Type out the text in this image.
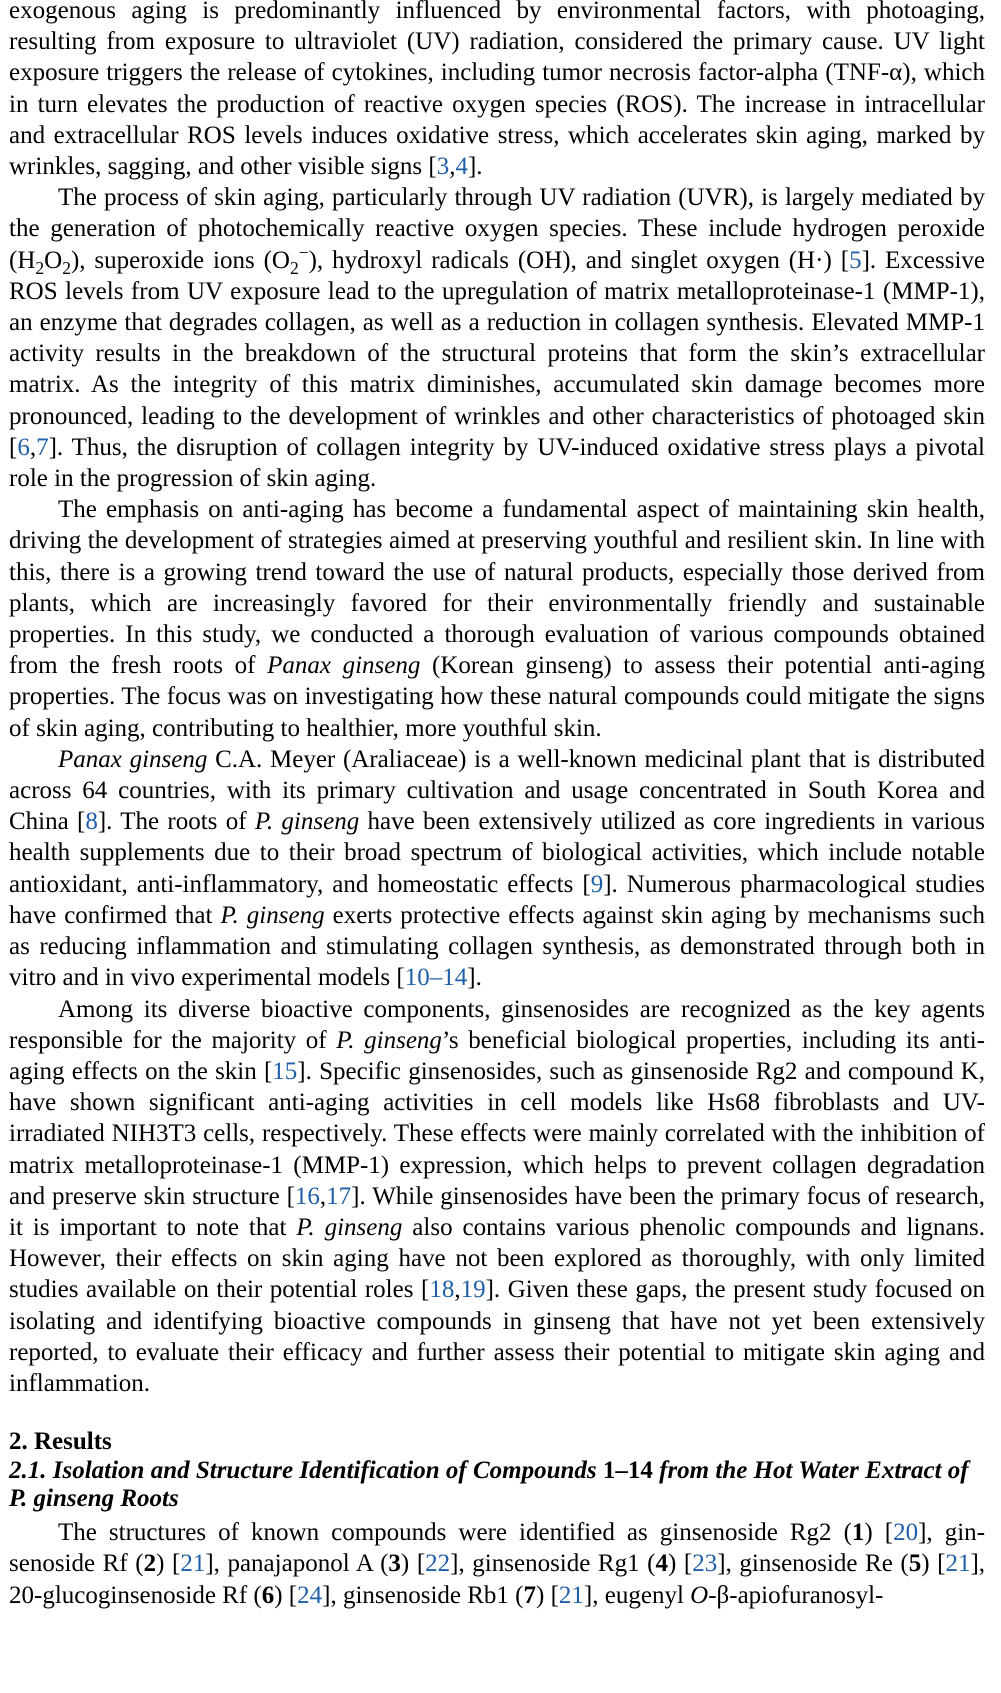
exogenous aging is predominantly influenced by environmental factors, with photoaging, resulting from exposure to ultraviolet (UV) radiation, considered the primary cause. UV light exposure triggers the release of cytokines, including tumor necrosis factor-alpha (TNF-α), which in turn elevates the production of reactive oxygen species (ROS). The increase in intracellular and extracellular ROS levels induces oxidative stress, which accelerates skin aging, marked by wrinkles, sagging, and other visible signs [3,4].

The process of skin aging, particularly through UV radiation (UVR), is largely mediated by the generation of photochemically reactive oxygen species. These include hydrogen peroxide $(H_2O_2)$, superoxide ions $(O_2^-)$, hydroxyl radicals (OH), and singlet oxygen (H·) [5]. Excessive ROS levels from UV exposure lead to the upregulation of matrix metalloproteinase-1 (MMP-1), an enzyme that degrades collagen, as well as a reduction in collagen synthesis. Elevated MMP-1 activity results in the breakdown of the structural proteins that form the skin’s extracellular matrix. As the integrity of this matrix diminishes, accumulated skin damage becomes more pronounced, leading to the development of wrinkles and other characteristics of photoaged skin [6,7]. Thus, the disruption of collagen integrity by UV-induced oxidative stress plays a pivotal role in the progression of skin aging.

The emphasis on anti-aging has become a fundamental aspect of maintaining skin health, driving the development of strategies aimed at preserving youthful and resilient skin. In line with this, there is a growing trend toward the use of natural products, especially those derived from plants, which are increasingly favored for their environmentally friendly and sustainable properties. In this study, we conducted a thorough evaluation of various compounds obtained from the fresh roots of Panax ginseng (Korean ginseng) to assess their potential anti-aging properties. The focus was on investigating how these natural compounds could mitigate the signs of skin aging, contributing to healthier, more youthful skin.

Panax ginseng C.A. Meyer (Araliaceae) is a well-known medicinal plant that is distributed across 64 countries, with its primary cultivation and usage concentrated in South Korea and China [8]. The roots of P. ginseng have been extensively utilized as core ingredients in various health supplements due to their broad spectrum of biological activities, which include notable antioxidant, anti-inflammatory, and homeostatic effects [9]. Numerous pharmacological studies have confirmed that P. ginseng exerts protective effects against skin aging by mechanisms such as reducing inflammation and stimulating collagen synthesis, as demonstrated through both in vitro and in vivo experimental models [10–14].

Among its diverse bioactive components, ginsenosides are recognized as the key agents responsible for the majority of P. ginseng’s beneficial biological properties, including its anti-aging effects on the skin [15]. Specific ginsenosides, such as ginsenoside Rg2 and compound K, have shown significant anti-aging activities in cell models like Hs68 fibroblasts and UV-irradiated NIH3T3 cells, respectively. These effects were mainly correlated with the inhibition of matrix metalloproteinase-1 (MMP-1) expression, which helps to prevent collagen degradation and preserve skin structure [16,17]. While ginsenosides have been the primary focus of research, it is important to note that P. ginseng also contains various phenolic compounds and lignans. However, their effects on skin aging have not been explored as thoroughly, with only limited studies available on their potential roles [18,19]. Given these gaps, the present study focused on isolating and identifying bioactive compounds in ginseng that have not yet been extensively reported, to evaluate their efficacy and further assess their potential to mitigate skin aging and inflammation.

2. Results
2.1. Isolation and Structure Identification of Compounds 1–14 from the Hot Water Extract of
P. ginseng Roots

The structures of known compounds were identified as ginsenoside Rg2 (1) [20], ginsenoside Rf (2) [21], panajaponol A (3) [22], ginsenoside Rg1 (4) [23], ginsenoside Re (5) [21], 20-glucoginsenoside Rf (6) [24], ginsenoside Rb1 (7) [21], eugenyl O-β-apiofuranosyl-
